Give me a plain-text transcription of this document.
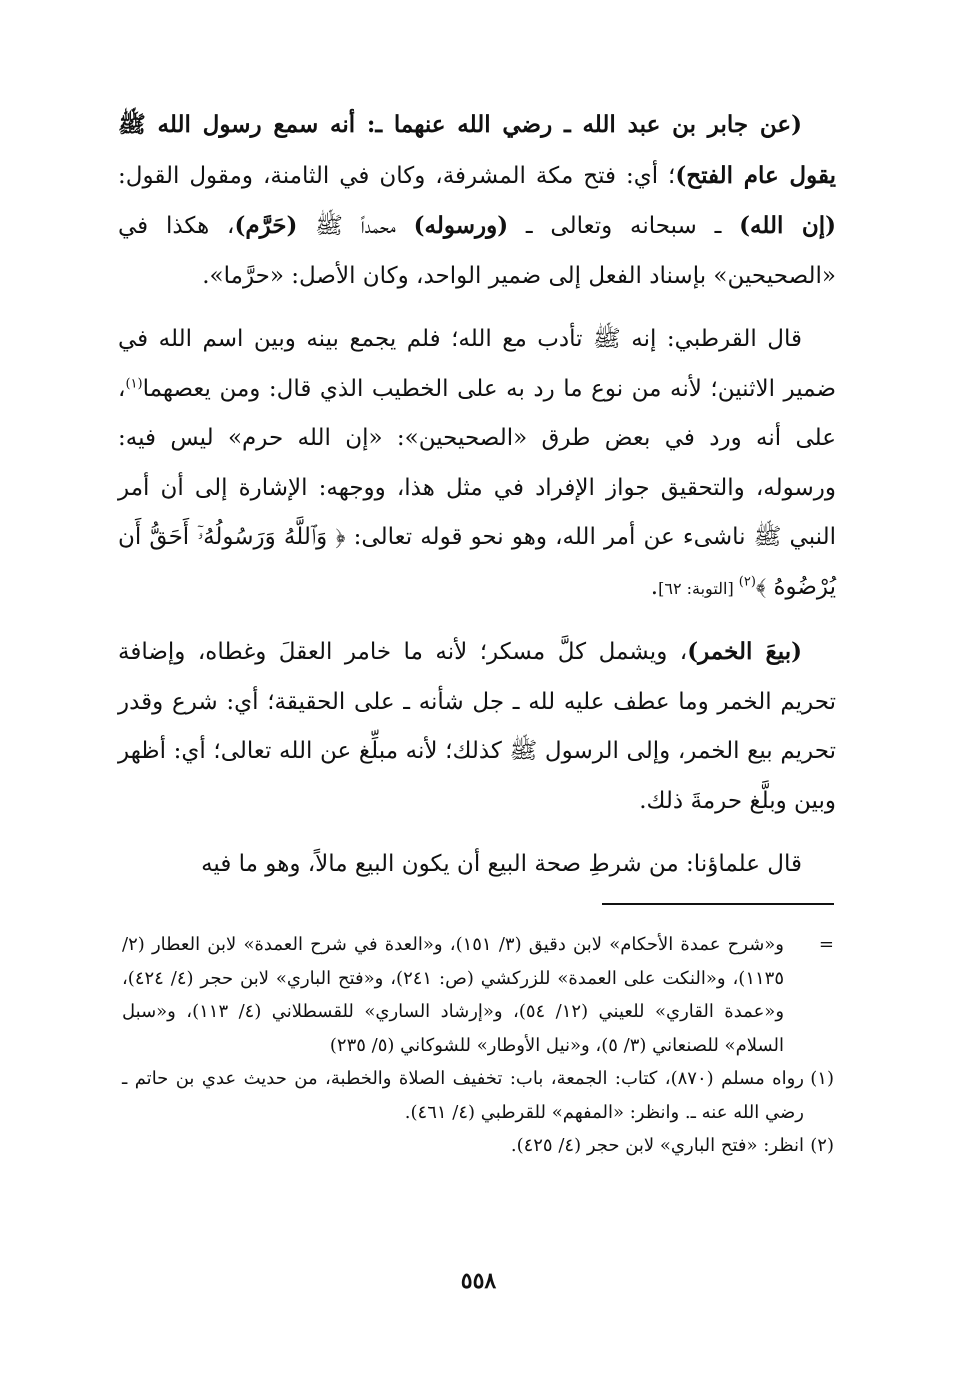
(عن جابر بن عبد الله ـ رضي الله عنهما ـ: أنه سمع رسول الله ﷺ يقول عام الفتح)؛ أي: فتح مكة المشرفة، وكان في الثامنة، ومقول القول: (إن الله) ـ سبحانه وتعالى ـ (ورسوله) محمداً ﷺ (حَرَّم)، هكذا في «الصحيحين» بإسناد الفعل إلى ضمير الواحد، وكان الأصل: «حرَّما».

قال القرطبي: إنه ﷺ تأدب مع الله؛ فلم يجمع بينه وبين اسم الله في ضمير الاثنين؛ لأنه من نوع ما رد به على الخطيب الذي قال: ومن يعصهما$^{(١)}$، على أنه ورد في بعض طرق «الصحيحين»: «إن الله حرم» ليس فيه: ورسوله، والتحقيق جواز الإفراد في مثل هذا، ووجهه: الإشارة إلى أن أمر النبي ﷺ ناشىء عن أمر الله، وهو نحو قوله تعالى: ﴿ وَٱللَّهُ وَرَسُولُهُۥٓ أَحَقُّ أَن يُرْضُوهُ ﴾$^{(٢)}$ [التوبة: ٦٢].

(بيعَ الخمر)، ويشمل كلَّ مسكر؛ لأنه ما خامر العقلَ وغطاه، وإضافة تحريم الخمر وما عطف عليه لله ـ جل شأنه ـ على الحقيقة؛ أي: شرع وقدر تحريم بيع الخمر، وإلى الرسول ﷺ كذلك؛ لأنه مبلِّغ عن الله تعالى؛ أي: أظهر وبين وبلَّغ حرمةَ ذلك.

قال علماؤنا: من شرطِ صحة البيع أن يكون البيع مالاً، وهو ما فيه

=
و«شرح عمدة الأحكام» لابن دقيق (٣/ ١٥١)، و«العدة في شرح العمدة» لابن العطار (٢/ ١١٣٥)، و«النكت على العمدة» للزركشي (ص: ٢٤١)، و«فتح الباري» لابن حجر (٤/ ٤٢٤)، و«عمدة القاري» للعيني (١٢/ ٥٤)، و«إرشاد الساري» للقسطلاني (٤/ ١١٣)، و«سبل السلام» للصنعاني (٣/ ٥)، و«نيل الأوطار» للشوكاني (٥/ ٢٣٥)
(١)
رواه مسلم (٨٧٠)، كتاب: الجمعة، باب: تخفيف الصلاة والخطبة، من حديث عدي بن حاتم ـ رضي الله عنه ـ. وانظر: «المفهم» للقرطبي (٤/ ٤٦١).
(٢)
انظر: «فتح الباري» لابن حجر (٤/ ٤٢٥).
٥٥٨
